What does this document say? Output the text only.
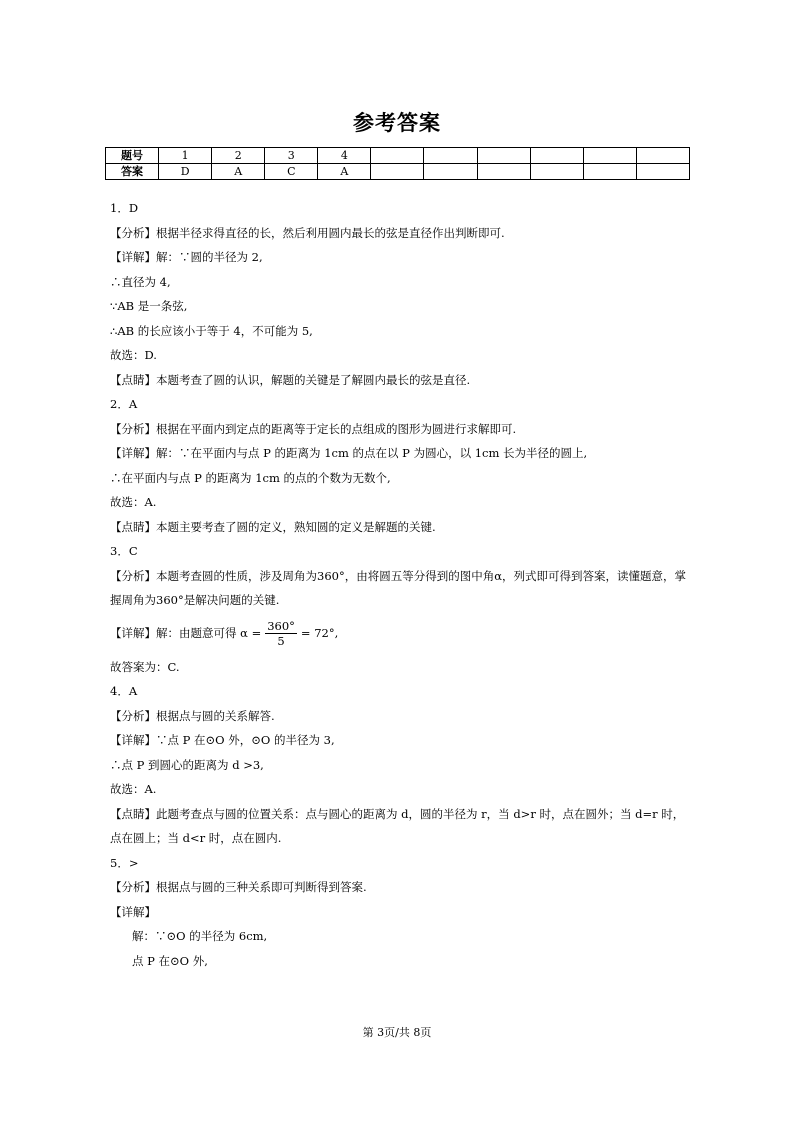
参考答案
题号	1	2	3	4						
答案	D	A	C	A						
1．D
【分析】根据半径求得直径的长，然后利用圆内最长的弦是直径作出判断即可.
【详解】解：∵圆的半径为 2,
∴直径为 4,
∵AB 是一条弦,
∴AB 的长应该小于等于 4，不可能为 5,
故选：D.
【点睛】本题考查了圆的认识，解题的关键是了解圆内最长的弦是直径.
2．A
【分析】根据在平面内到定点的距离等于定长的点组成的图形为圆进行求解即可.
【详解】解：∵在平面内与点 P 的距离为 1cm 的点在以 P 为圆心，以 1cm 长为半径的圆上,
∴在平面内与点 P 的距离为 1cm 的点的个数为无数个,
故选：A.
【点睛】本题主要考查了圆的定义，熟知圆的定义是解题的关键.
3．C
【分析】本题考查圆的性质，涉及周角为360°，由将圆五等分得到的图中角α，列式即可得到答案，读懂题意，掌握周角为360°是解决问题的关键.
【详解】解：由题意可得 $\alpha = \frac{360^\circ}{5} = 72^\circ$,
故答案为：C.
4．A
【分析】根据点与圆的关系解答.
【详解】∵点 P 在⊙O 外，⊙O 的半径为 3,
∴点 P 到圆心的距离为 d >3,
故选：A.
【点睛】此题考查点与圆的位置关系：点与圆心的距离为 d，圆的半径为 r，当 d>r 时，点在圆外；当 d=r 时，点在圆上；当 d<r 时，点在圆内.
5．>
【分析】根据点与圆的三种关系即可判断得到答案.
【详解】
解：∵⊙O 的半径为 6cm,
点 P 在⊙O 外,
第 3页/共 8页
